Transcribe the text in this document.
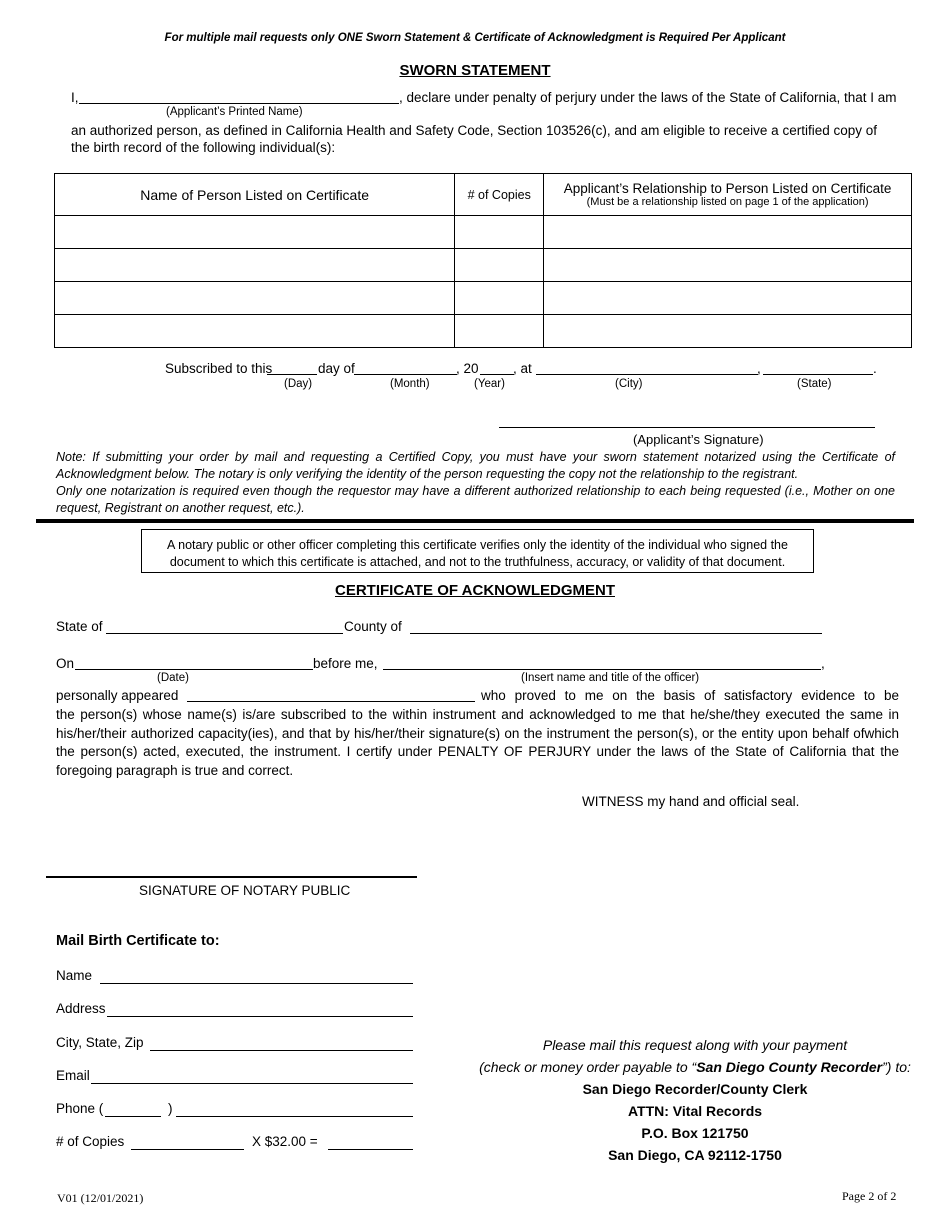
For multiple mail requests only ONE Sworn Statement & Certificate of Acknowledgment is Required Per Applicant
SWORN STATEMENT
I,	, declare under penalty of perjury under the laws of the State of California, that I am
(Applicant’s Printed Name)
an authorized person, as defined in California Health and Safety Code, Section 103526(c), and am eligible to receive a certified copy of the birth record of the following individual(s):
Name of Person Listed on Certificate	# of Copies	Applicant’s Relationship to Person Listed on Certificate
(Must be a relationship listed on page 1 of the application)

Subscribed to this	day of	, 20	, at	,	.
(Day)	(Month)	(Year)	(City)	(State)
(Applicant’s Signature)
Note: If submitting your order by mail and requesting a Certified Copy, you must have your sworn statement notarized using the Certificate of Acknowledgment below. The notary is only verifying the identity of the person requesting the copy not the relationship to the registrant.
Only one notarization is required even though the requestor may have a different authorized relationship to each being requested (i.e., Mother on one request, Registrant on another request, etc.).
A notary public or other officer completing this certificate verifies only the identity of the individual who signed the document to which this certificate is attached, and not to the truthfulness, accuracy, or validity of that document.
CERTIFICATE OF ACKNOWLEDGMENT
State of	County of
On	before me,	,
(Date)	(Insert name and title of the officer)
personally appeared	who proved to me on the basis of satisfactory evidence to be
the person(s) whose name(s) is/are subscribed to the within instrument and acknowledged to me that he/she/they executed the same in his/her/their authorized capacity(ies), and that by his/her/their signature(s) on the instrument the person(s), or the entity upon behalf ofwhich the person(s) acted, executed, the instrument. I certify under PENALTY OF PERJURY under the laws of the State of California that the foregoing paragraph is true and correct.
WITNESS my hand and official seal.
SIGNATURE OF NOTARY PUBLIC
Mail Birth Certificate to:
Name
Address
City, State, Zip
Email
Phone (	)
# of Copies	X $32.00 =
Please mail this request along with your payment
(check or money order payable to “San Diego County Recorder”) to:
San Diego Recorder/County Clerk
ATTN: Vital Records
P.O. Box 121750
San Diego, CA 92112-1750
V01 (12/01/2021)	Page 2 of 2
